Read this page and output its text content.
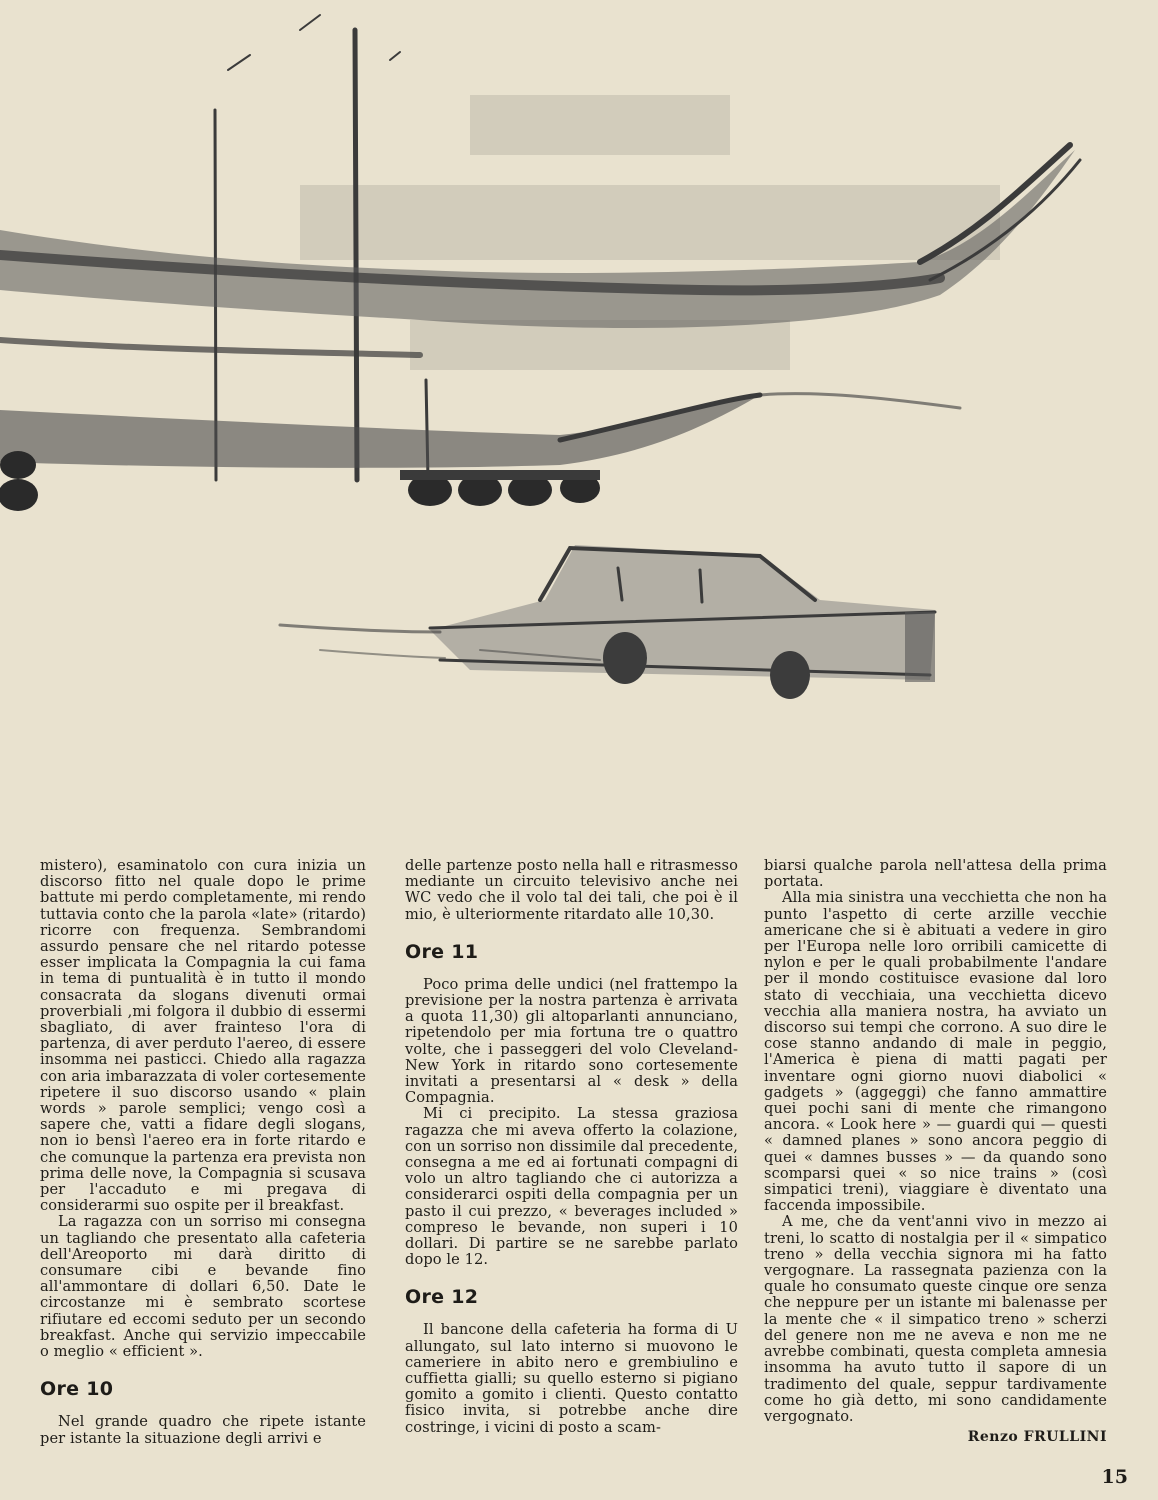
mistero), esaminatolo con cura inizia un discorso fitto nel quale dopo le prime battute mi perdo completamente, mi rendo tuttavia conto che la parola «late» (ritardo) ricorre con frequenza. Sembrandomi assurdo pensare che nel ritardo potesse esser implicata la Compagnia la cui fama in tema di puntualità è in tutto il mondo consacrata da slogans divenuti ormai proverbiali ,mi folgora il dubbio di essermi sbagliato, di aver frainteso l'ora di partenza, di aver perduto l'aereo, di essere insomma nei pasticci. Chiedo alla ragazza con aria imbarazzata di voler cortesemente ripetere il suo discorso usando « plain words » parole semplici; vengo così a sapere che, vatti a fidare degli slogans, non io bensì l'aereo era in forte ritardo e che comunque la partenza era prevista non prima delle nove, la Compagnia si scusava per l'accaduto e mi pregava di considerarmi suo ospite per il breakfast.

La ragazza con un sorriso mi consegna un tagliando che presentato alla cafeteria dell'Areoporto mi darà diritto di consumare cibi e bevande fino all'ammontare di dollari 6,50. Date le circostanze mi è sembrato scortese rifiutare ed eccomi seduto per un secondo breakfast. Anche qui servizio impeccabile o meglio « efficient ».

Ore 10

Nel grande quadro che ripete istante per istante la situazione degli arrivi e

delle partenze posto nella hall e ritrasmesso mediante un circuito televisivo anche nei WC vedo che il volo tal dei tali, che poi è il mio, è ulteriormente ritardato alle 10,30.

Ore 11

Poco prima delle undici (nel frattempo la previsione per la nostra partenza è arrivata a quota 11,30) gli altoparlanti annunciano, ripetendolo per mia fortuna tre o quattro volte, che i passeggeri del volo Cleveland-New York in ritardo sono cortesemente invitati a presentarsi al « desk » della Compagnia.

Mi ci precipito. La stessa graziosa ragazza che mi aveva offerto la colazione, con un sorriso non dissimile dal precedente, consegna a me ed ai fortunati compagni di volo un altro tagliando che ci autorizza a considerarci ospiti della compagnia per un pasto il cui prezzo, « beverages included » compreso le bevande, non superi i 10 dollari. Di partire se ne sarebbe parlato dopo le 12.

Ore 12

Il bancone della cafeteria ha forma di U allungato, sul lato interno si muovono le cameriere in abito nero e grembiulino e cuffietta gialli; su quello esterno si pigiano gomito a gomito i clienti. Questo contatto fisico invita, si potrebbe anche dire costringe, i vicini di posto a scam-

biarsi qualche parola nell'attesa della prima portata.

Alla mia sinistra una vecchietta che non ha punto l'aspetto di certe arzille vecchie americane che si è abituati a vedere in giro per l'Europa nelle loro orribili camicette di nylon e per le quali probabilmente l'andare per il mondo costituisce evasione dal loro stato di vecchiaia, una vecchietta dicevo vecchia alla maniera nostra, ha avviato un discorso sui tempi che corrono. A suo dire le cose stanno andando di male in peggio, l'America è piena di matti pagati per inventare ogni giorno nuovi diabolici « gadgets » (aggeggi) che fanno ammattire quei pochi sani di mente che rimangono ancora. « Look here » — guardi qui — questi « damned planes » sono ancora peggio di quei « damnes busses » — da quando sono scomparsi quei « so nice trains » (così simpatici treni), viaggiare è diventato una faccenda impossibile.

A me, che da vent'anni vivo in mezzo ai treni, lo scatto di nostalgia per il « simpatico treno » della vecchia signora mi ha fatto vergognare. La rassegnata pazienza con la quale ho consumato queste cinque ore senza che neppure per un istante mi balenasse per la mente che « il simpatico treno » scherzi del genere non me ne aveva e non me ne avrebbe combinati, questa completa amnesia insomma ha avuto tutto il sapore di un tradimento del quale, seppur tardivamente come ho già detto, mi sono candidamente vergognato.

Renzo FRULLINI
15
